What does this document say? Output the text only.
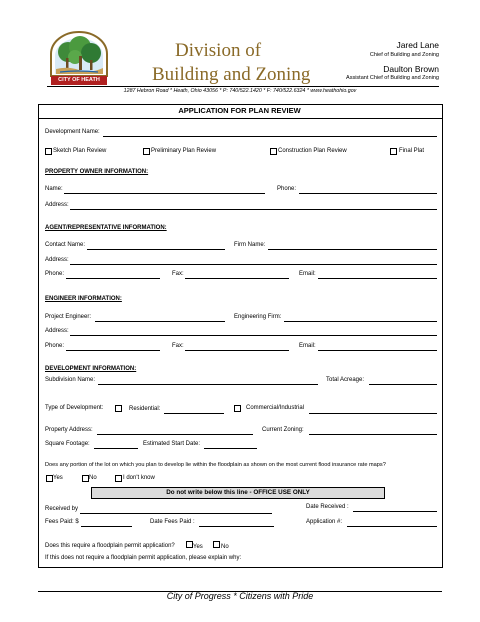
CITY OF HEATH
Division of
Building and Zoning
Jared Lane
Chief of Building and Zoning
Daulton Brown
Assistant Chief of Building and Zoning
1287 Hebron Road * Heath, Ohio 43056 * P: 740/522.1420 * F: 740/522.6324 * www.heathohio.gov
APPLICATION FOR PLAN REVIEW
Development Name:
Sketch Plan Review	Preliminary Plan Review	Construction Plan Review	Final Plat
PROPERTY OWNER INFORMATION:
Name:	Phone:
Address:
AGENT/REPRESENTATIVE INFORMATION:
Contact Name:	Firm Name:
Address:
Phone:	Fax:	Email:
ENGINEER INFORMATION:
Project Engineer:	Engineering Firm:
Address:
Phone:	Fax:	Email:
DEVELOPMENT INFORMATION:
Subdivision Name:	Total Acreage:
Type of Development:	Residential:	Commercial/Industrial
Property Address:	Current Zoning:
Square Footage:	Estimated Start Date:
Does any portion of the lot on which you plan to develop lie within the floodplain as shown on the most current flood insurance rate maps?
Yes	No	I don't know
Do not write below this line - OFFICE USE ONLY
Received by	Date Received :
Fees Paid: $	Date Fees Paid :	Application #:
Does this require a floodplain permit application?	Yes	No
If this does not require a floodplain permit application, please explain why:
City of Progress * Citizens with Pride
